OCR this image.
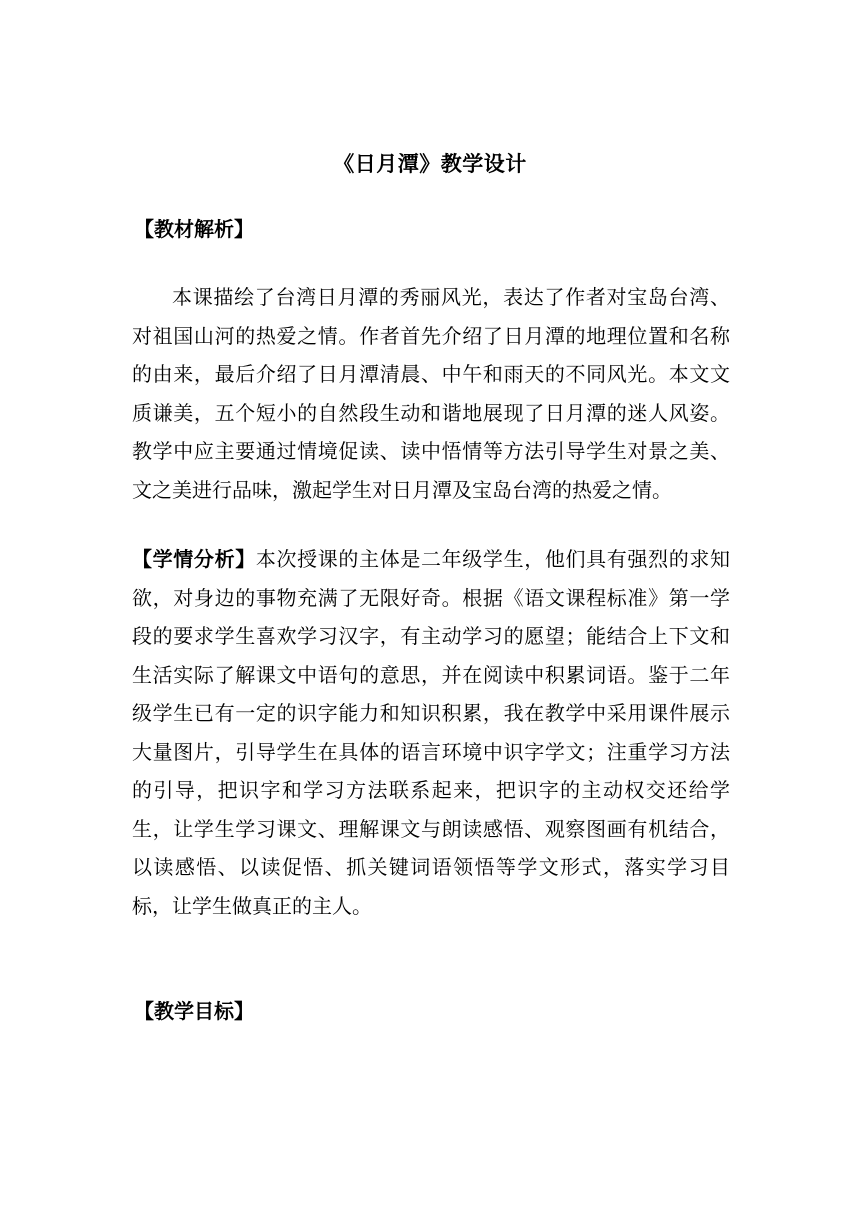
《日月潭》教学设计
【教材解析】
本课描绘了台湾日月潭的秀丽风光，表达了作者对宝岛台湾、对祖国山河的热爱之情。作者首先介绍了日月潭的地理位置和名称的由来，最后介绍了日月潭清晨、中午和雨天的不同风光。本文文质谦美，五个短小的自然段生动和谐地展现了日月潭的迷人风姿。教学中应主要通过情境促读、读中悟情等方法引导学生对景之美、文之美进行品味，激起学生对日月潭及宝岛台湾的热爱之情。
【学情分析】本次授课的主体是二年级学生，他们具有强烈的求知欲，对身边的事物充满了无限好奇。根据《语文课程标准》第一学段的要求学生喜欢学习汉字，有主动学习的愿望；能结合上下文和生活实际了解课文中语句的意思，并在阅读中积累词语。鉴于二年级学生已有一定的识字能力和知识积累，我在教学中采用课件展示大量图片，引导学生在具体的语言环境中识字学文；注重学习方法的引导，把识字和学习方法联系起来，把识字的主动权交还给学生，让学生学习课文、理解课文与朗读感悟、观察图画有机结合，以读感悟、以读促悟、抓关键词语领悟等学文形式，落实学习目标，让学生做真正的主人。
【教学目标】
